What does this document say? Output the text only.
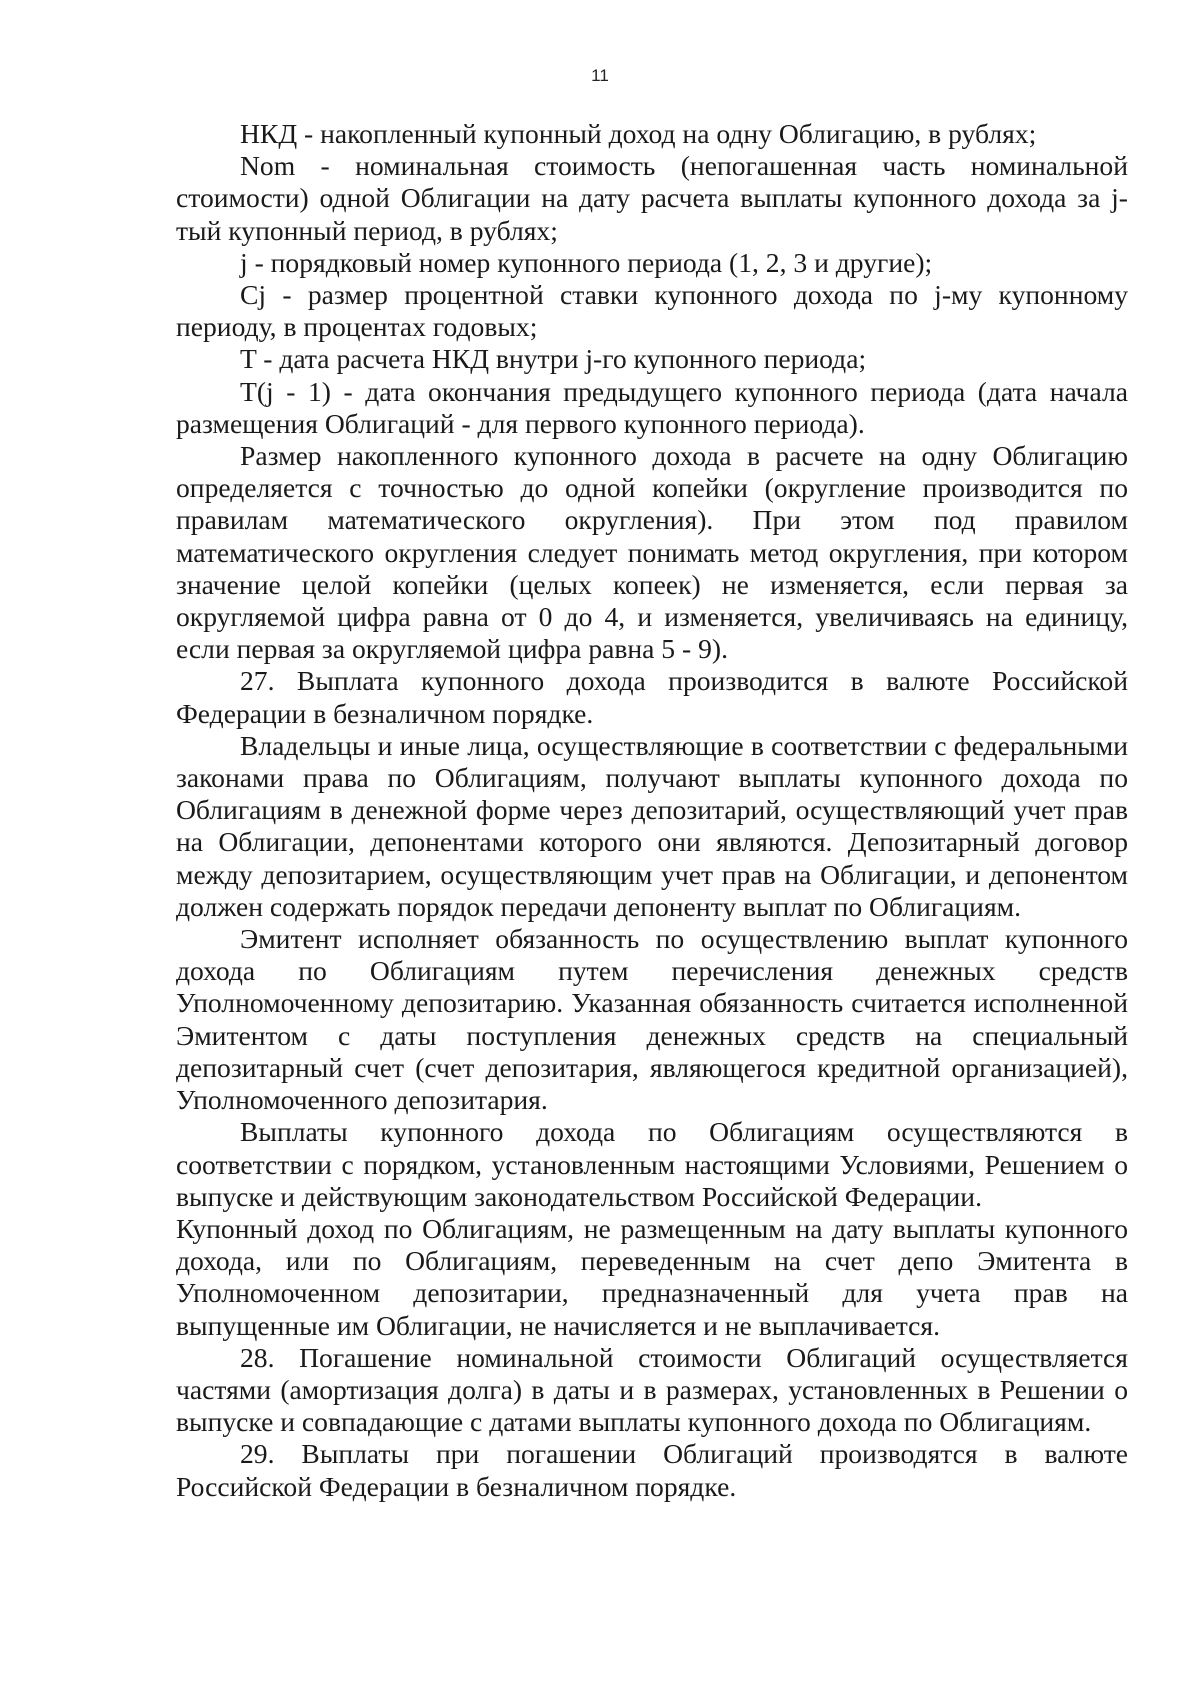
11

НКД - накопленный купонный доход на одну Облигацию, в рублях;

Nom - номинальная стоимость (непогашенная часть номинальной стоимости) одной Облигации на дату расчета выплаты купонного дохода за j-тый купонный период, в рублях;

j - порядковый номер купонного периода (1, 2, 3 и другие);

Cj - размер процентной ставки купонного дохода по j-му купонному периоду, в процентах годовых;

T - дата расчета НКД внутри j-го купонного периода;

T(j - 1) - дата окончания предыдущего купонного периода (дата начала размещения Облигаций - для первого купонного периода).

Размер накопленного купонного дохода в расчете на одну Облигацию определяется с точностью до одной копейки (округление производится по правилам математического округления). При этом под правилом математического округления следует понимать метод округления, при котором значение целой копейки (целых копеек) не изменяется, если первая за округляемой цифра равна от 0 до 4, и изменяется, увеличиваясь на единицу, если первая за округляемой цифра равна 5 - 9).

27. Выплата купонного дохода производится в валюте Российской Федерации в безналичном порядке.

Владельцы и иные лица, осуществляющие в соответствии с федеральными законами права по Облигациям, получают выплаты купонного дохода по Облигациям в денежной форме через депозитарий, осуществляющий учет прав на Облигации, депонентами которого они являются. Депозитарный договор между депозитарием, осуществляющим учет прав на Облигации, и депонентом должен содержать порядок передачи депоненту выплат по Облигациям.

Эмитент исполняет обязанность по осуществлению выплат купонного дохода по Облигациям путем перечисления денежных средств Уполномоченному депозитарию. Указанная обязанность считается исполненной Эмитентом с даты поступления денежных средств на специальный депозитарный счет (счет депозитария, являющегося кредитной организацией), Уполномоченного депозитария.

Выплаты купонного дохода по Облигациям осуществляются в соответствии с порядком, установленным настоящими Условиями, Решением о выпуске и действующим законодательством Российской Федерации.

Купонный доход по Облигациям, не размещенным на дату выплаты купонного дохода, или по Облигациям, переведенным на счет депо Эмитента в Уполномоченном депозитарии, предназначенный для учета прав на выпущенные им Облигации, не начисляется и не выплачивается.

28. Погашение номинальной стоимости Облигаций осуществляется частями (амортизация долга) в даты и в размерах, установленных в Решении о выпуске и совпадающие с датами выплаты купонного дохода по Облигациям.

29. Выплаты при погашении Облигаций производятся в валюте Российской Федерации в безналичном порядке.
